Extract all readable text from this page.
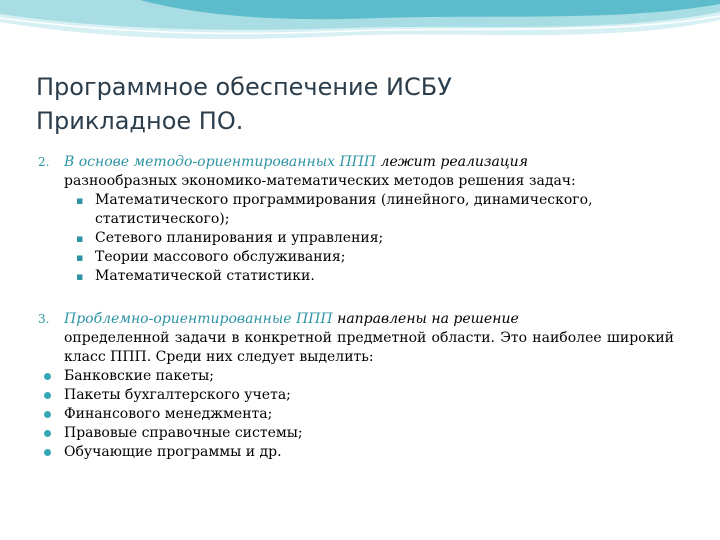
Программное обеспечение ИСБУ
Прикладное ПО.
2. В основе методо-ориентированных ППП лежит реализация
разнообразных экономико-математических методов решения задач:
▪ Математического программирования (линейного, динамического, статистического);
▪ Сетевого планирования и управления;
▪ Теории массового обслуживания;
▪ Математической статистики.
3. Проблемно-ориентированные ППП направлены на решение
определенной задачи в конкретной предметной области. Это наиболее широкий класс ППП. Среди них следует выделить:
Банковские пакеты;
Пакеты бухгалтерского учета;
Финансового менеджмента;
Правовые справочные системы;
Обучающие программы и др.
